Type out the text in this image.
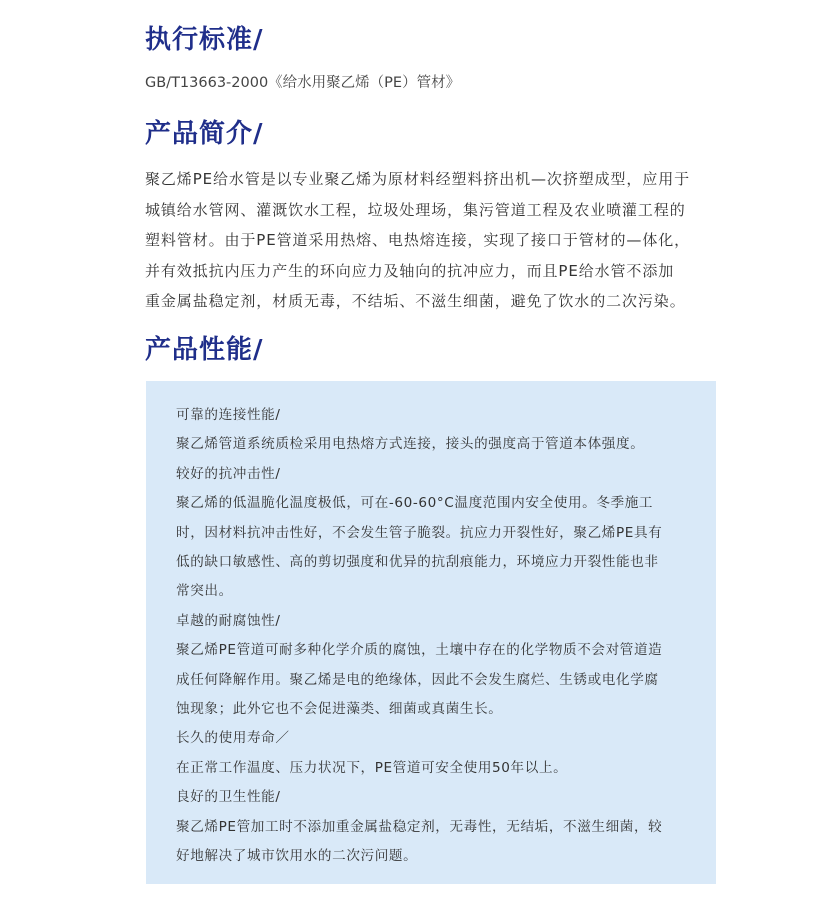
执行标准/

GB/T13663-2000《给水用聚乙烯（PE）管材》

产品简介/

聚乙烯PE给水管是以专业聚乙烯为原材料经塑料挤出机—次挤塑成型，应用于

城镇给水管网、灌溉饮水工程，垃圾处理场，集污管道工程及农业喷灌工程的

塑料管材。由于PE管道采用热熔、电热熔连接，实现了接口于管材的—体化，

并有效抵抗内压力产生的环向应力及轴向的抗冲应力，而且PE给水管不添加

重金属盐稳定剂，材质无毒，不结垢、不滋生细菌，避免了饮水的二次污染。

产品性能/

可靠的连接性能/

聚乙烯管道系统质检采用电热熔方式连接，接头的强度高于管道本体强度。

较好的抗冲击性/

聚乙烯的低温脆化温度极低，可在-60-60°C温度范围内安全使用。冬季施工

时，因材料抗冲击性好，不会发生管子脆裂。抗应力开裂性好，聚乙烯PE具有

低的缺口敏感性、高的剪切强度和优异的抗刮痕能力，环境应力开裂性能也非

常突出。

卓越的耐腐蚀性/

聚乙烯PE管道可耐多种化学介质的腐蚀，土壤中存在的化学物质不会对管道造

成任何降解作用。聚乙烯是电的绝缘体，因此不会发生腐烂、生锈或电化学腐

蚀现象；此外它也不会促进藻类、细菌或真菌生长。

长久的使用寿命／

在正常工作温度、压力状况下，PE管道可安全使用50年以上。

良好的卫生性能/

聚乙烯PE管加工时不添加重金属盐稳定剂，无毒性，无结垢，不滋生细菌，较

好地解决了城市饮用水的二次污问题。
